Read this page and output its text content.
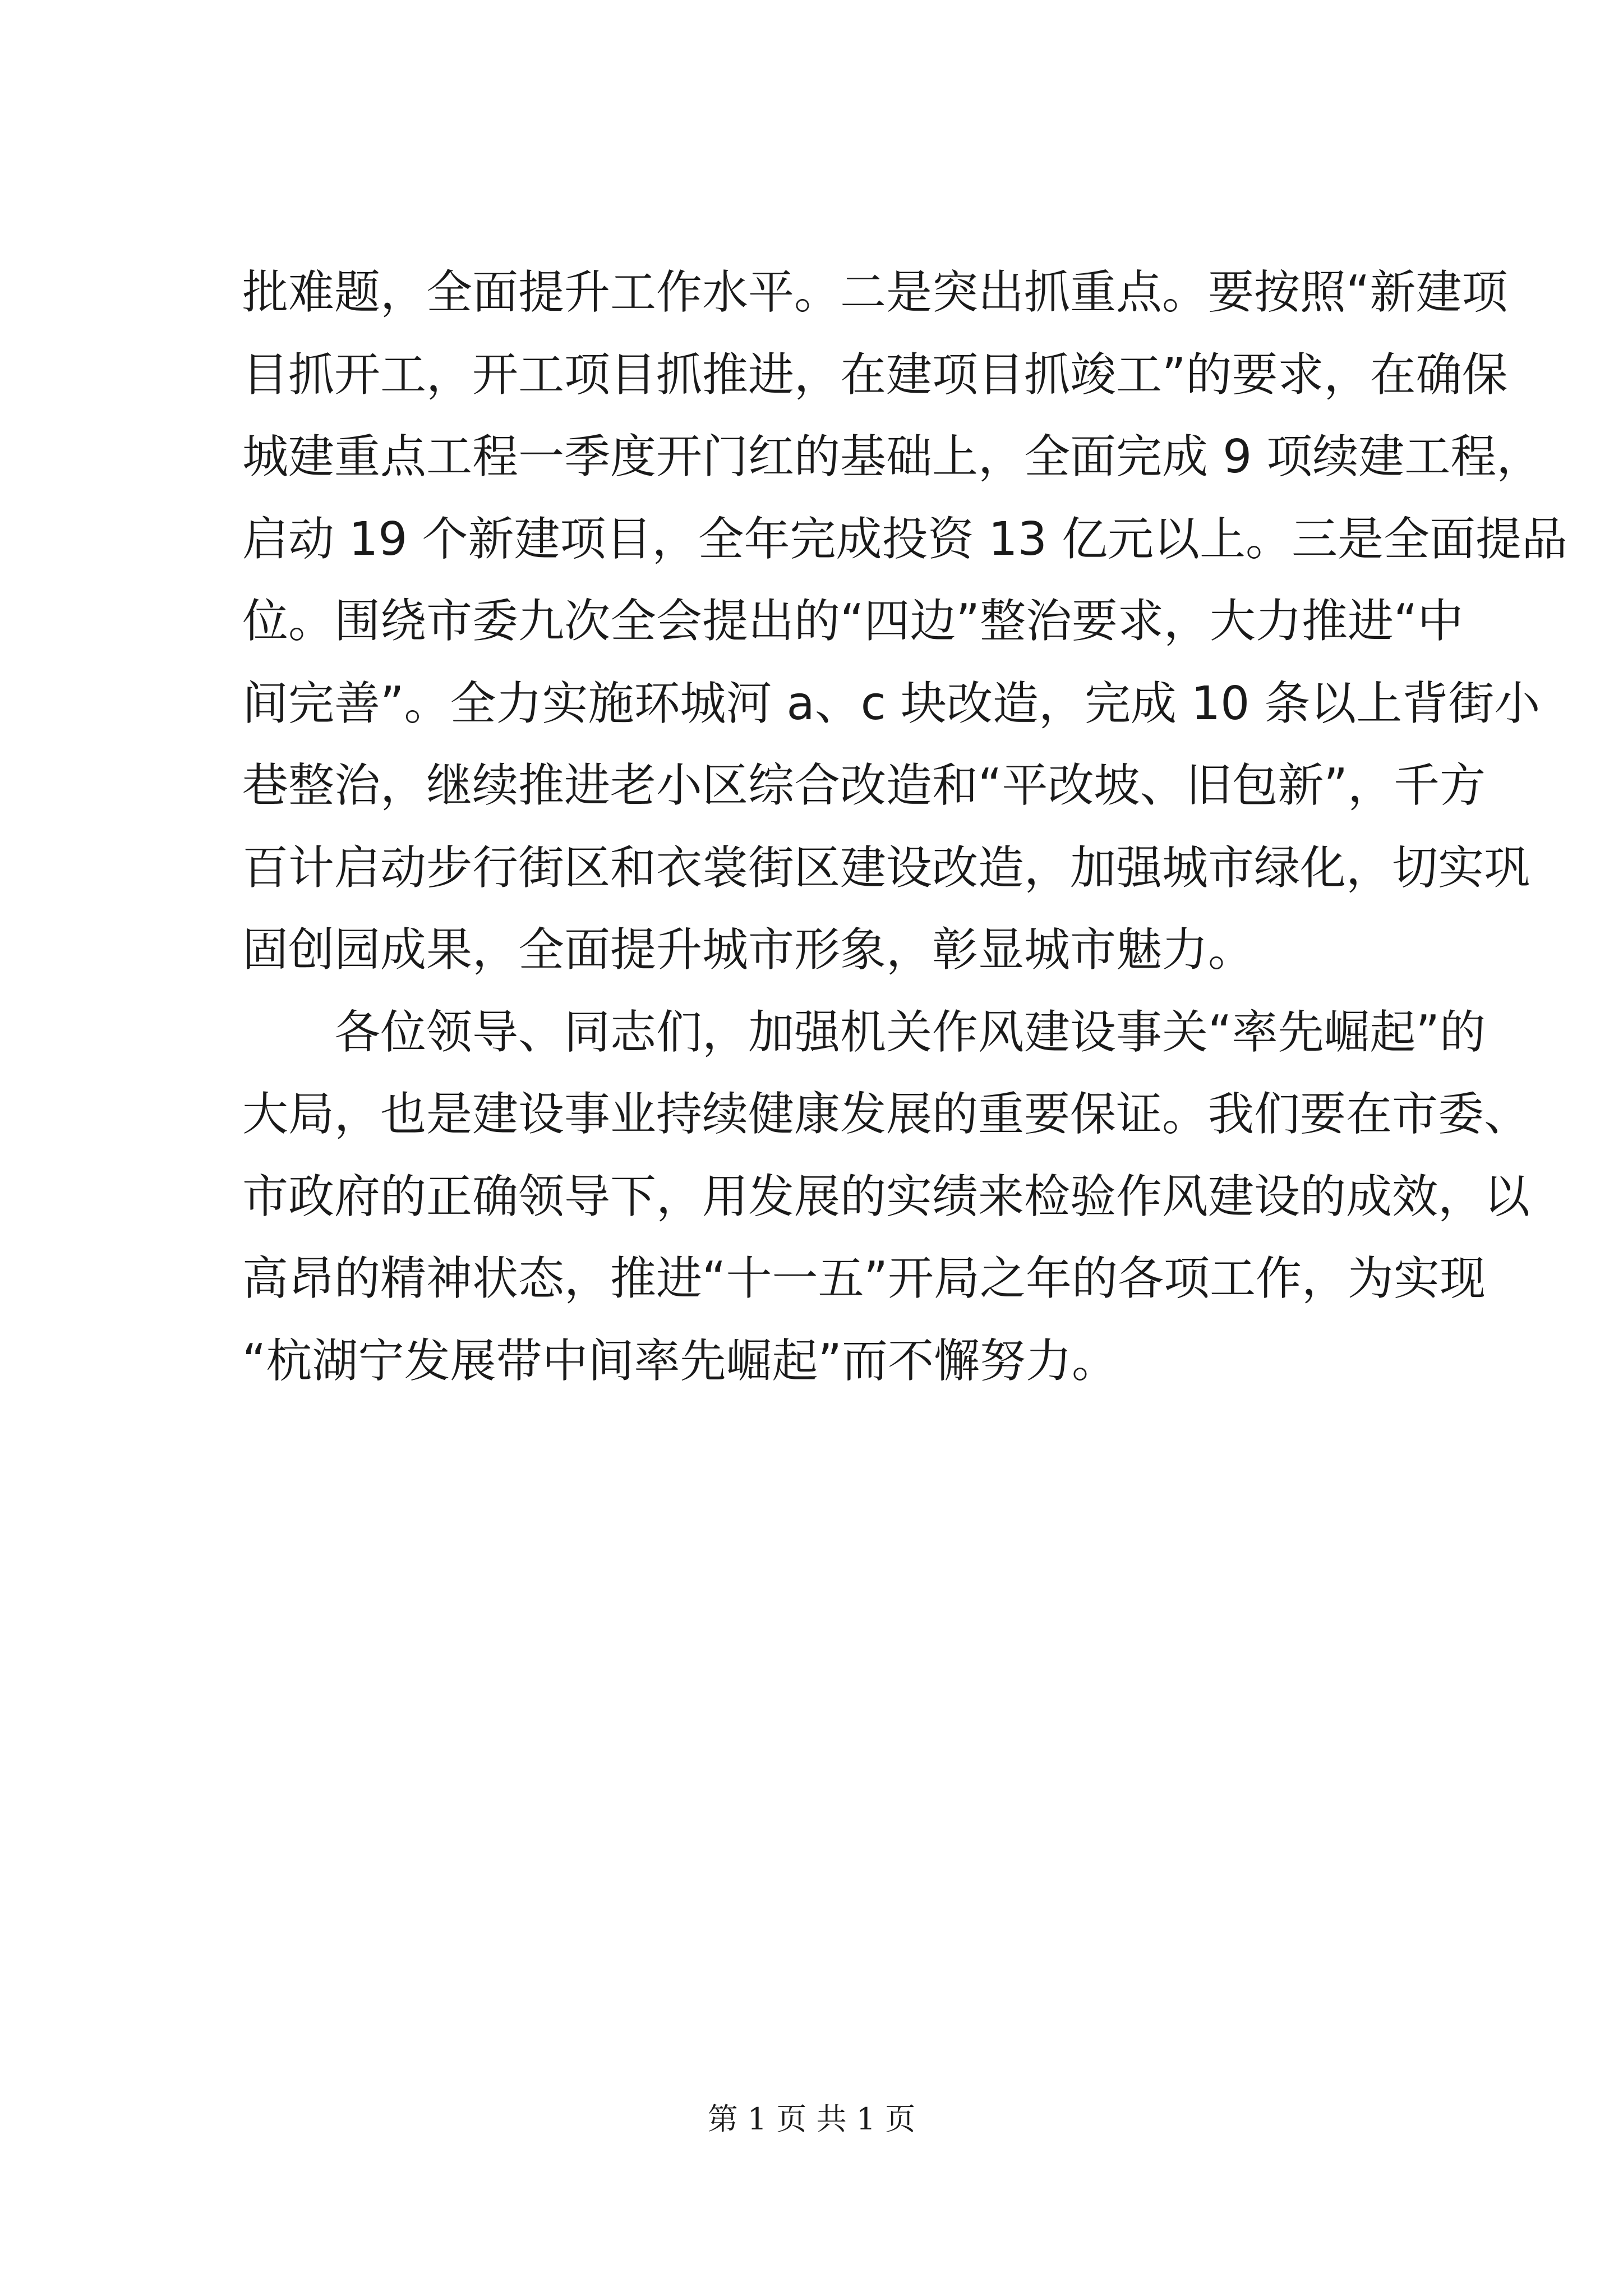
批难题，全面提升工作水平。二是突出抓重点。要按照“新建项
目抓开工，开工项目抓推进，在建项目抓竣工”的要求，在确保
城建重点工程一季度开门红的基础上，全面完成 9 项续建工程，
启动 19 个新建项目，全年完成投资 13 亿元以上。三是全面提品
位。围绕市委九次全会提出的“四边”整治要求，大力推进“中
间完善”。全力实施环城河 a、c 块改造，完成 10 条以上背街小
巷整治，继续推进老小区综合改造和“平改坡、旧包新”，千方
百计启动步行街区和衣裳街区建设改造，加强城市绿化，切实巩
固创园成果，全面提升城市形象，彰显城市魅力。
各位领导、同志们，加强机关作风建设事关“率先崛起”的
大局，也是建设事业持续健康发展的重要保证。我们要在市委、
市政府的正确领导下，用发展的实绩来检验作风建设的成效，以
高昂的精神状态，推进“十一五”开局之年的各项工作，为实现
“杭湖宁发展带中间率先崛起”而不懈努力。
第 1 页 共 1 页
